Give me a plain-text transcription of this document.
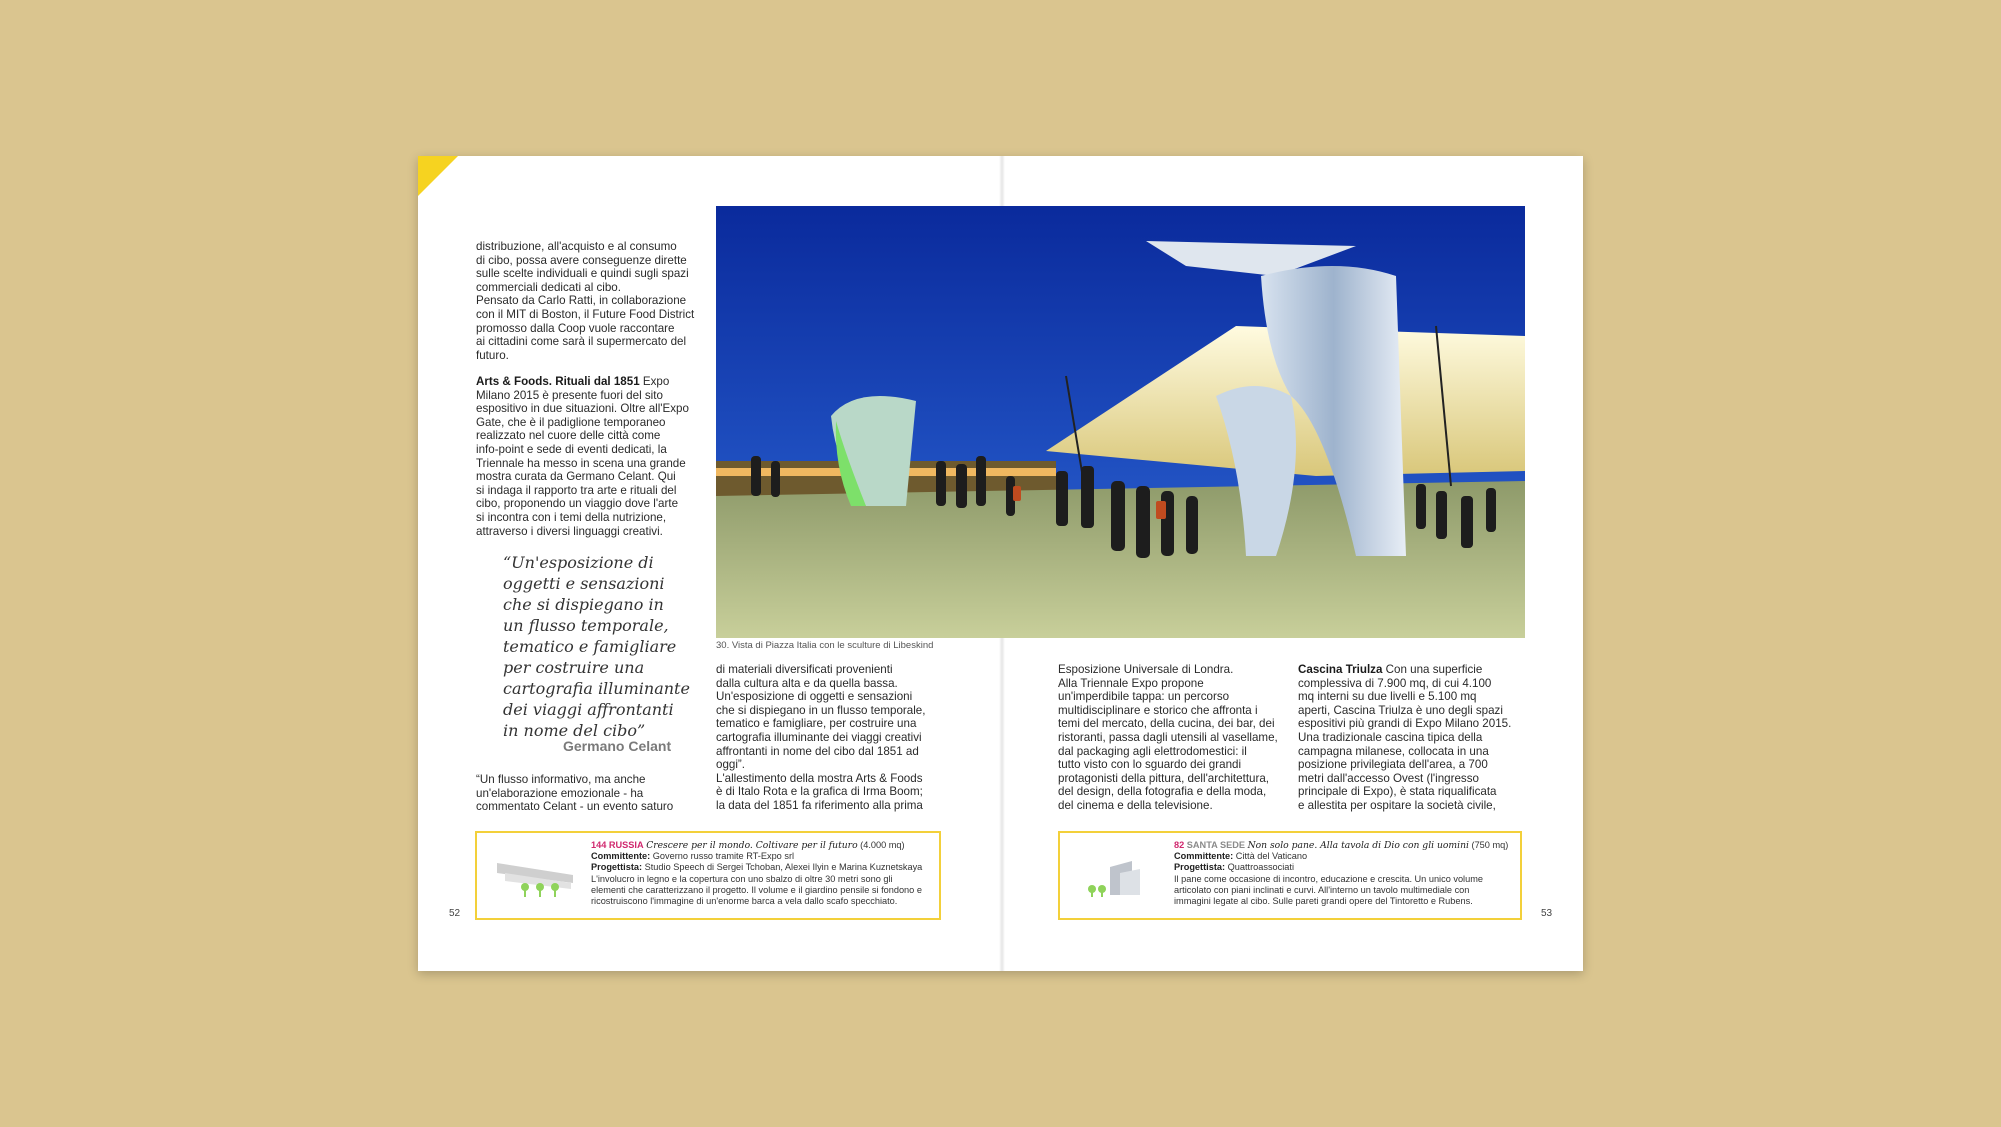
distribuzione, all'acquisto e al consumo

di cibo, possa avere conseguenze dirette

sulle scelte individuali e quindi sugli spazi

commerciali dedicati al cibo.

Pensato da Carlo Ratti, in collaborazione

con il MIT di Boston, il Future Food District

promosso dalla Coop vuole raccontare

ai cittadini come sarà il supermercato del

futuro.

Arts & Foods. Rituali dal 1851 Expo

Milano 2015 è presente fuori del sito

espositivo in due situazioni. Oltre all'Expo

Gate, che è il padiglione temporaneo

realizzato nel cuore delle città come

info-point e sede di eventi dedicati, la

Triennale ha messo in scena una grande

mostra curata da Germano Celant. Qui

si indaga il rapporto tra arte e rituali del

cibo, proponendo un viaggio dove l'arte

si incontra con i temi della nutrizione,

attraverso i diversi linguaggi creativi.

“Un'esposizione di
oggetti e sensazioni
che si dispiegano in
un flusso temporale,
tematico e famigliare
per costruire una
cartografia illuminante
dei viaggi affrontanti
in nome del cibo”
Germano Celant

“Un flusso informativo, ma anche

un'elaborazione emozionale - ha

commentato Celant - un evento saturo

di materiali diversificati provenienti

dalla cultura alta e da quella bassa.

Un'esposizione di oggetti e sensazioni

che si dispiegano in un flusso temporale,

tematico e famigliare, per costruire una

cartografia illuminante dei viaggi creativi

affrontanti in nome del cibo dal 1851 ad

oggi”.

L'allestimento della mostra Arts & Foods

è di Italo Rota e la grafica di Irma Boom;

la data del 1851 fa riferimento alla prima

30. Vista di Piazza Italia con le sculture di Libeskind

Esposizione Universale di Londra.

Alla Triennale Expo propone

un'imperdibile tappa: un percorso

multidisciplinare e storico che affronta i

temi del mercato, della cucina, dei bar, dei

ristoranti, passa dagli utensili al vasellame,

dal packaging agli elettrodomestici: il

tutto visto con lo sguardo dei grandi

protagonisti della pittura, dell'architettura,

del design, della fotografia e della moda,

del cinema e della televisione.

Cascina Triulza Con una superficie

complessiva di 7.900 mq, di cui 4.100

mq interni su due livelli e 5.100 mq

aperti, Cascina Triulza è uno degli spazi

espositivi più grandi di Expo Milano 2015.

Una tradizionale cascina tipica della

campagna milanese, collocata in una

posizione privilegiata dell'area, a 700

metri dall'accesso Ovest (l'ingresso

principale di Expo), è stata riqualificata

e allestita per ospitare la società civile,

144 RUSSIA Crescere per il mondo. Coltivare per il futuro (4.000 mq)
Committente: Governo russo tramite RT-Expo srl
Progettista: Studio Speech di Sergei Tchoban, Alexei Ilyin e Marina Kuznetskaya
L'involucro in legno e la copertura con uno sbalzo di oltre 30 metri sono gli
elementi che caratterizzano il progetto. Il volume e il giardino pensile si fondono e
ricostruiscono l'immagine di un'enorme barca a vela dallo scafo specchiato.
82 SANTA SEDE Non solo pane. Alla tavola di Dio con gli uomini (750 mq)
Committente: Città del Vaticano
Progettista: Quattroassociati
Il pane come occasione di incontro, educazione e crescita. Un unico volume
articolato con piani inclinati e curvi. All'interno un tavolo multimediale con
immagini legate al cibo. Sulle pareti grandi opere del Tintoretto e Rubens.
52	53
